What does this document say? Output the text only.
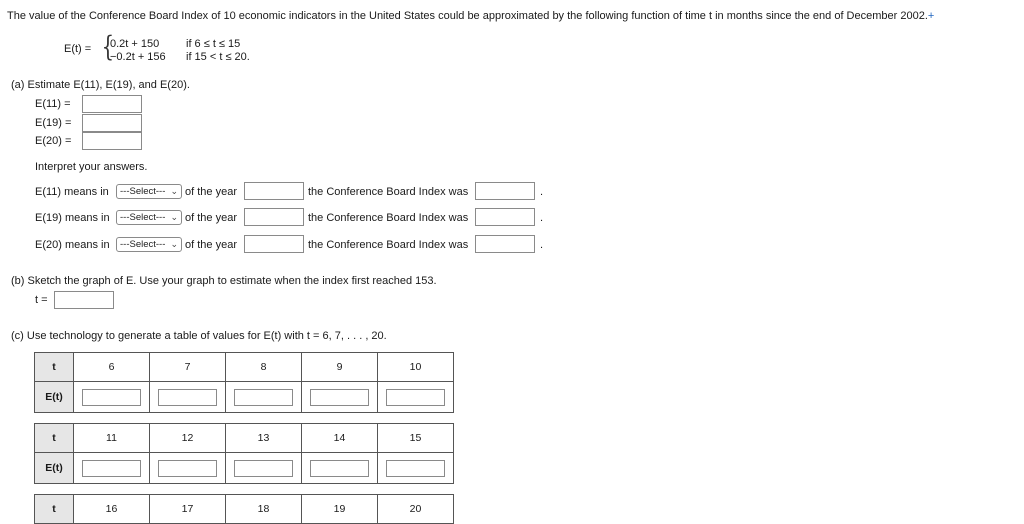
The value of the Conference Board Index of 10 economic indicators in the United States could be approximated by the following function of time t in months since the end of December 2002.+
E(t) = {
0.2t + 150 if 6 ≤ t ≤ 15
−0.2t + 156 if 15 < t ≤ 20.
(a) Estimate E(11), E(19), and E(20).
E(11) =
E(19) =
E(20) =
Interpret your answers.
E(11) means in	---Select--- ⌄ of the year	the Conference Board Index was	.
E(19) means in	---Select--- ⌄ of the year	the Conference Board Index was	.
E(20) means in	---Select--- ⌄ of the year	the Conference Board Index was	.
(b) Sketch the graph of E. Use your graph to estimate when the index first reached 153.
t =
(c) Use technology to generate a table of values for E(t) with t = 6, 7, . . . , 20.
t	6	7	8	9	10
E(t)					
t	11	12	13	14	15
E(t)					
t	16	17	18	19	20
